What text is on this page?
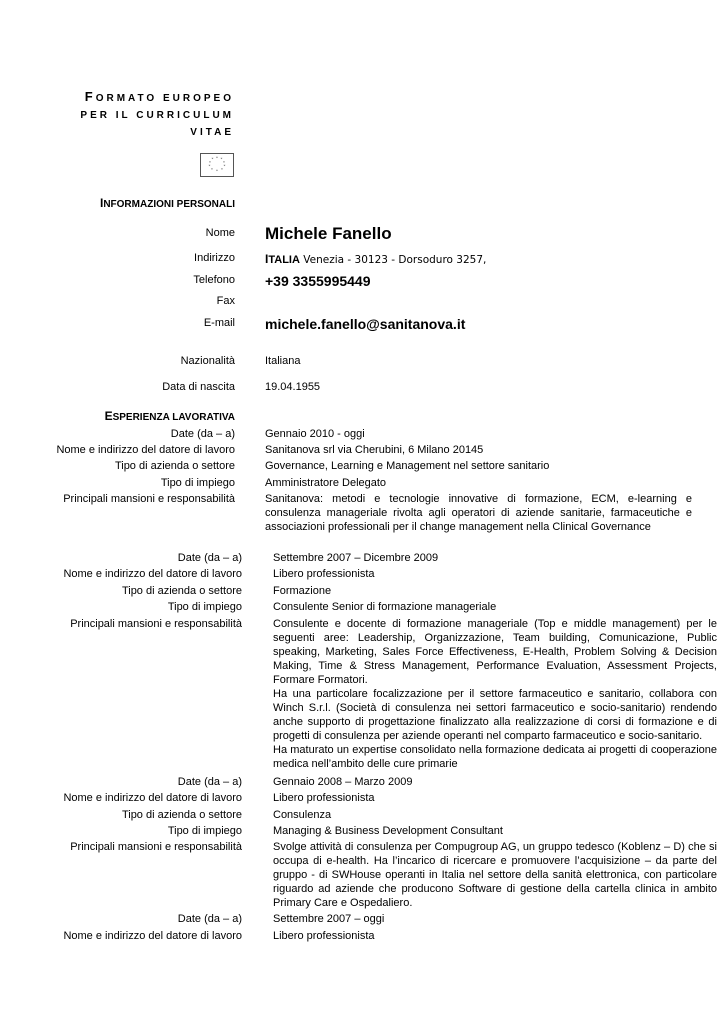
FORMATO EUROPEO
PER IL CURRICULUM
VITAE
* *
*
*
*
*
*
*
*
*
INFORMAZIONI PERSONALI
Nome Michele Fanello
Indirizzo	ITALIA Venezia - 30123 - Dorsoduro 3257,
Telefono +39 3355995449
Fax
E-mail michele.fanello@sanitanova.it
Nazionalità	Italiana
Data di nascita	19.04.1955
ESPERIENZA LAVORATIVA
Date (da – a)	Gennaio 2010 - oggi
Nome e indirizzo del datore di lavoro	Sanitanova srl via Cherubini, 6 Milano 20145
Tipo di azienda o settore	Governance, Learning e Management nel settore sanitario
Tipo di impiego	Amministratore Delegato
Principali mansioni e responsabilità	Sanitanova: metodi e tecnologie innovative di formazione, ECM, e-learning e consulenza manageriale rivolta agli operatori di aziende sanitarie, farmaceutiche e associazioni professionali per il change management nella Clinical Governance

Date (da – a)	Settembre 2007 – Dicembre 2009
Nome e indirizzo del datore di lavoro	Libero professionista
Tipo di azienda o settore	Formazione
Tipo di impiego	Consulente Senior di formazione manageriale
Principali mansioni e responsabilità	Consulente e docente di formazione manageriale (Top e middle management) per le seguenti aree: Leadership, Organizzazione, Team building, Comunicazione, Public speaking, Marketing, Sales Force Effectiveness, E-Health, Problem Solving & Decision Making, Time & Stress Management, Performance Evaluation, Assessment Projects, Formare Formatori.

Ha una particolare focalizzazione per il settore farmaceutico e sanitario, collabora con Winch S.r.l. (Società di consulenza nei settori farmaceutico e socio-sanitario) rendendo anche supporto di progettazione finalizzato alla realizzazione di corsi di formazione e di progetti di consulenza per aziende operanti nel comparto farmaceutico e socio-sanitario.

Ha maturato un expertise consolidato nella formazione dedicata ai progetti di cooperazione medica nell’ambito delle cure primarie

Date (da – a)	Gennaio 2008 – Marzo 2009
Nome e indirizzo del datore di lavoro	Libero professionista
Tipo di azienda o settore	Consulenza
Tipo di impiego	Managing & Business Development Consultant
Principali mansioni e responsabilità	Svolge attività di consulenza per Compugroup AG, un gruppo tedesco (Koblenz – D) che si occupa di e-health. Ha l’incarico di ricercare e promuovere l’acquisizione – da parte del gruppo - di SWHouse operanti in Italia nel settore della sanità elettronica, con particolare riguardo ad aziende che producono Software di gestione della cartella clinica in ambito Primary Care e Ospedaliero.

Date (da – a)	Settembre 2007 – oggi
Nome e indirizzo del datore di lavoro	Libero professionista
